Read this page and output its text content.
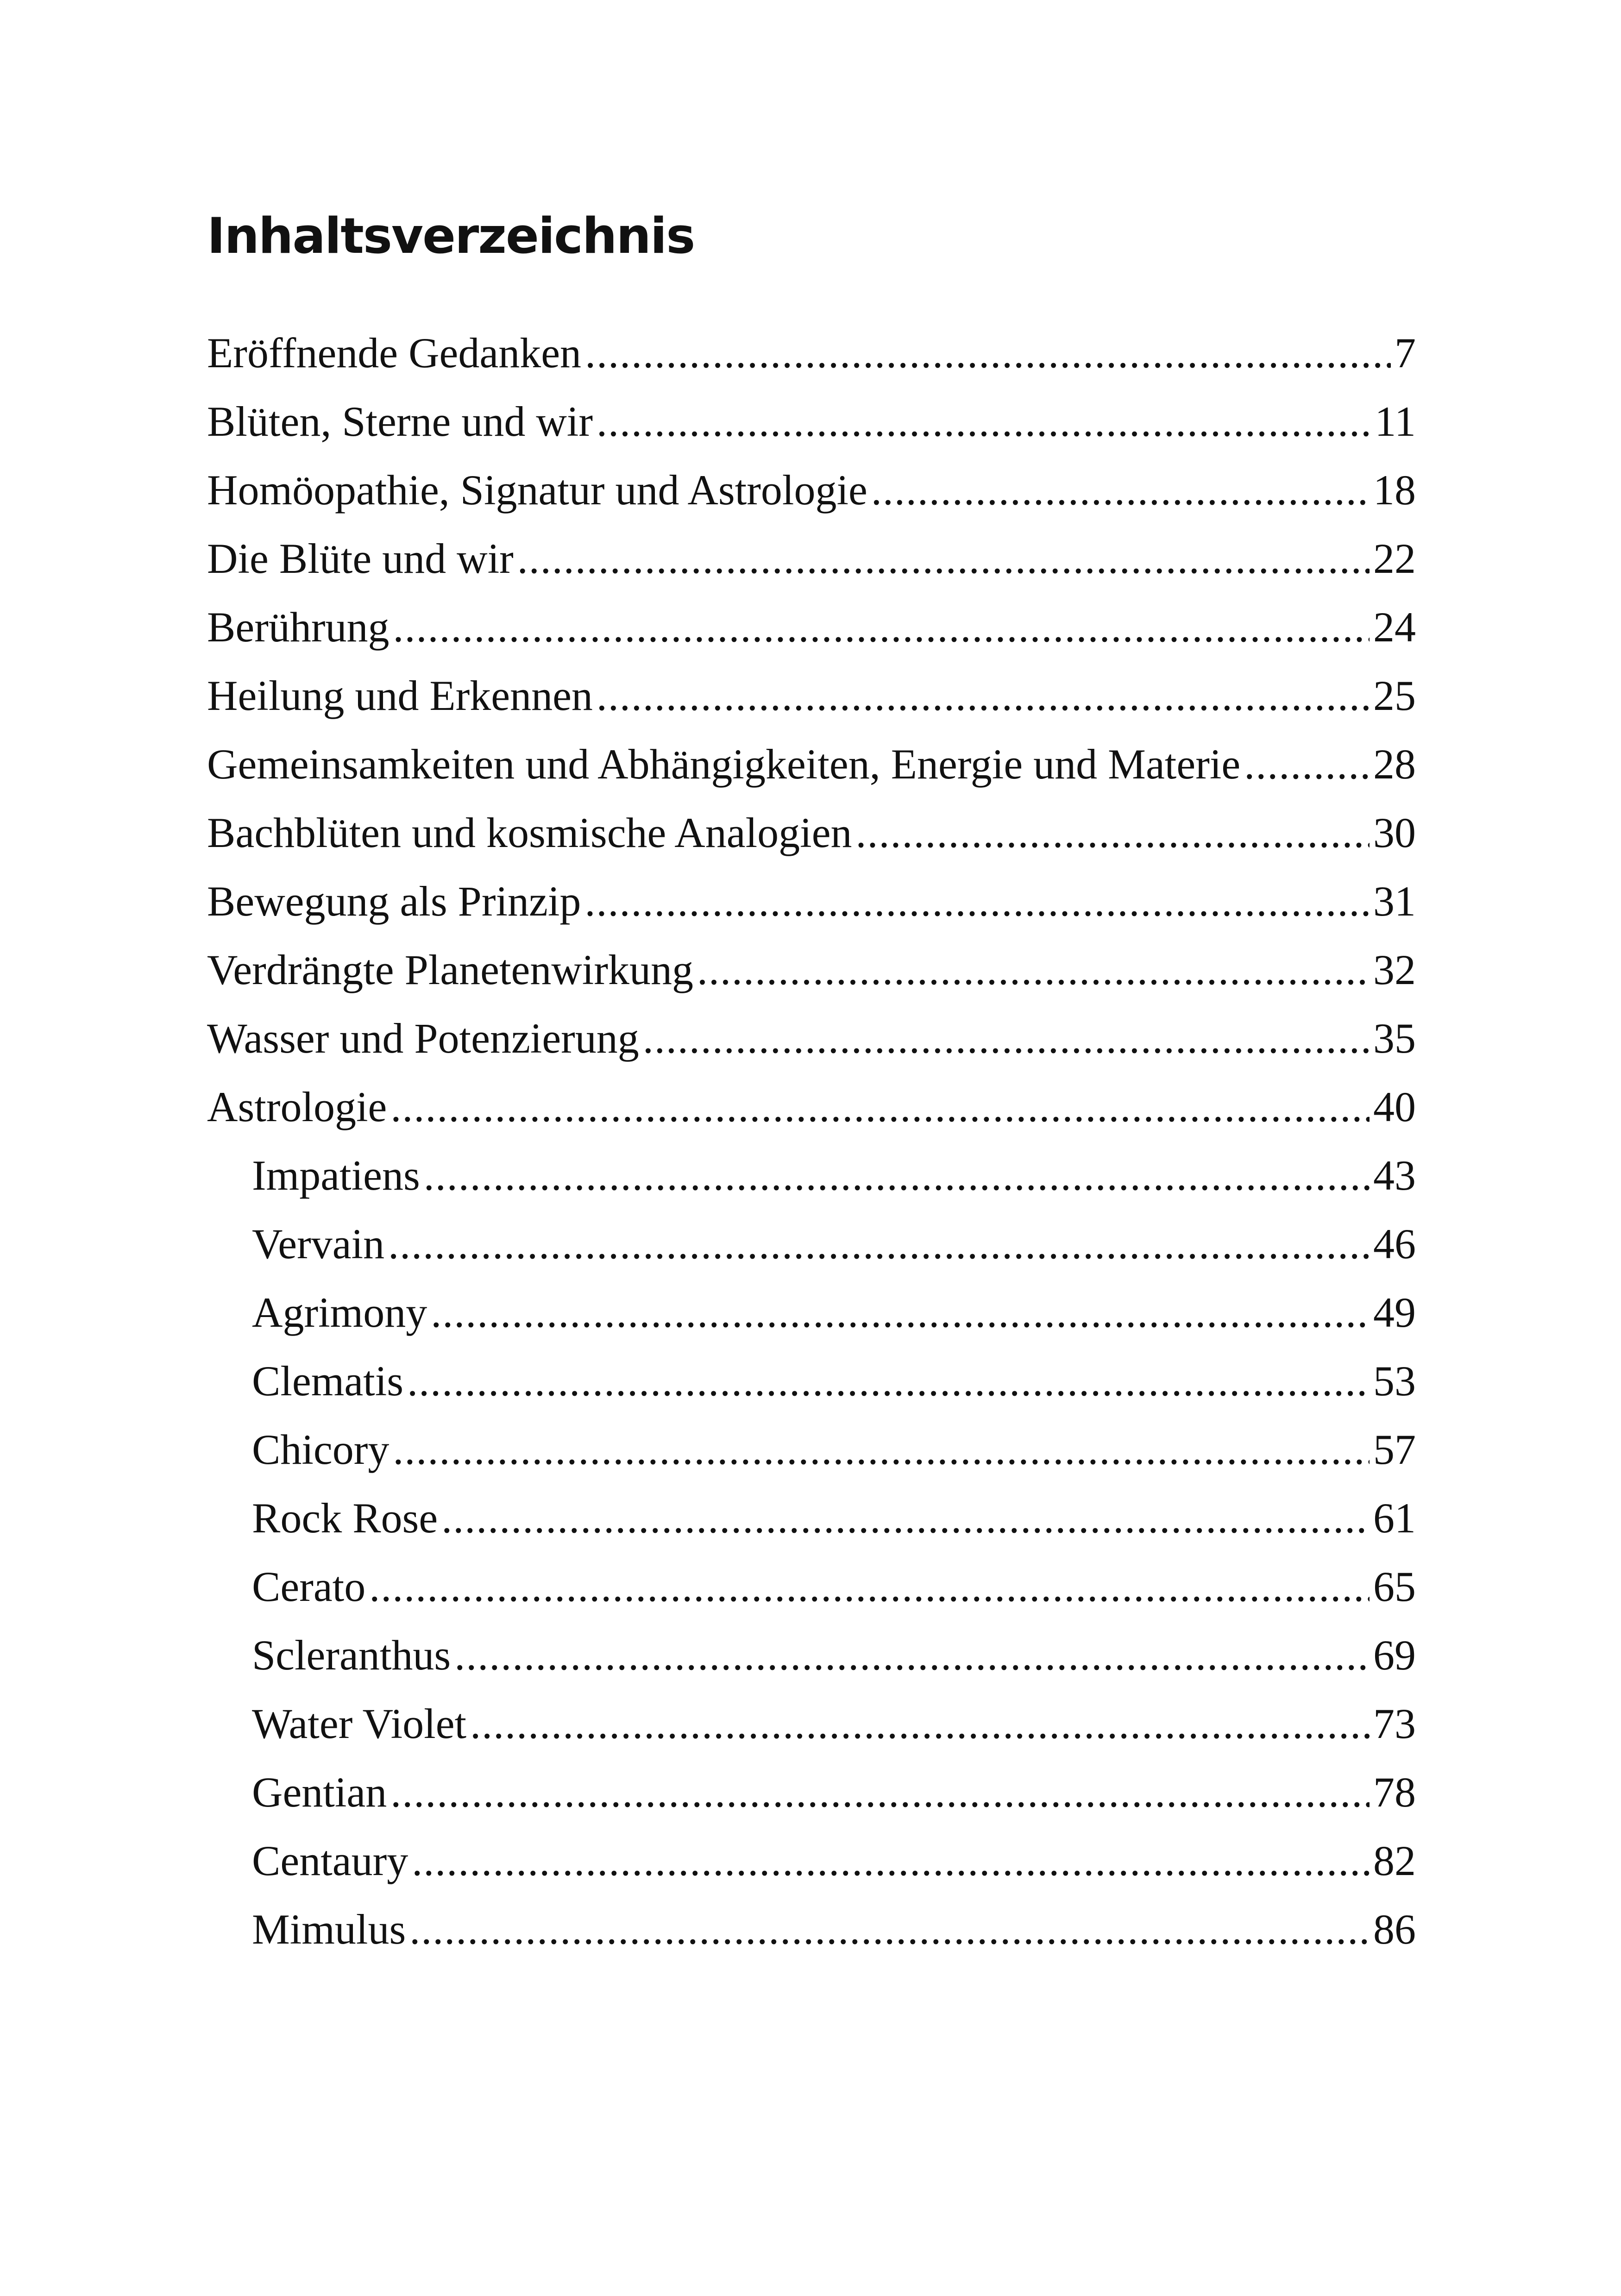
Inhaltsverzeichnis
Eröffnende Gedanken .....	7
Blüten, Sterne und wir .....	11
Homöopathie, Signatur und Astrologie .....	18
Die Blüte und wir .....	22
Berührung .....	24
Heilung und Erkennen .....	25
Gemeinsamkeiten und Abhängigkeiten, Energie und Materie .....	28
Bachblüten und kosmische Analogien .....	30
Bewegung als Prinzip .....	31
Verdrängte Planetenwirkung .....	32
Wasser und Potenzierung .....	35
Astrologie .....	40
Impatiens .....	43
Vervain .....	46
Agrimony .....	49
Clematis .....	53
Chicory .....	57
Rock Rose .....	61
Cerato .....	65
Scleranthus .....	69
Water Violet .....	73
Gentian .....	78
Centaury .....	82
Mimulus .....	86
